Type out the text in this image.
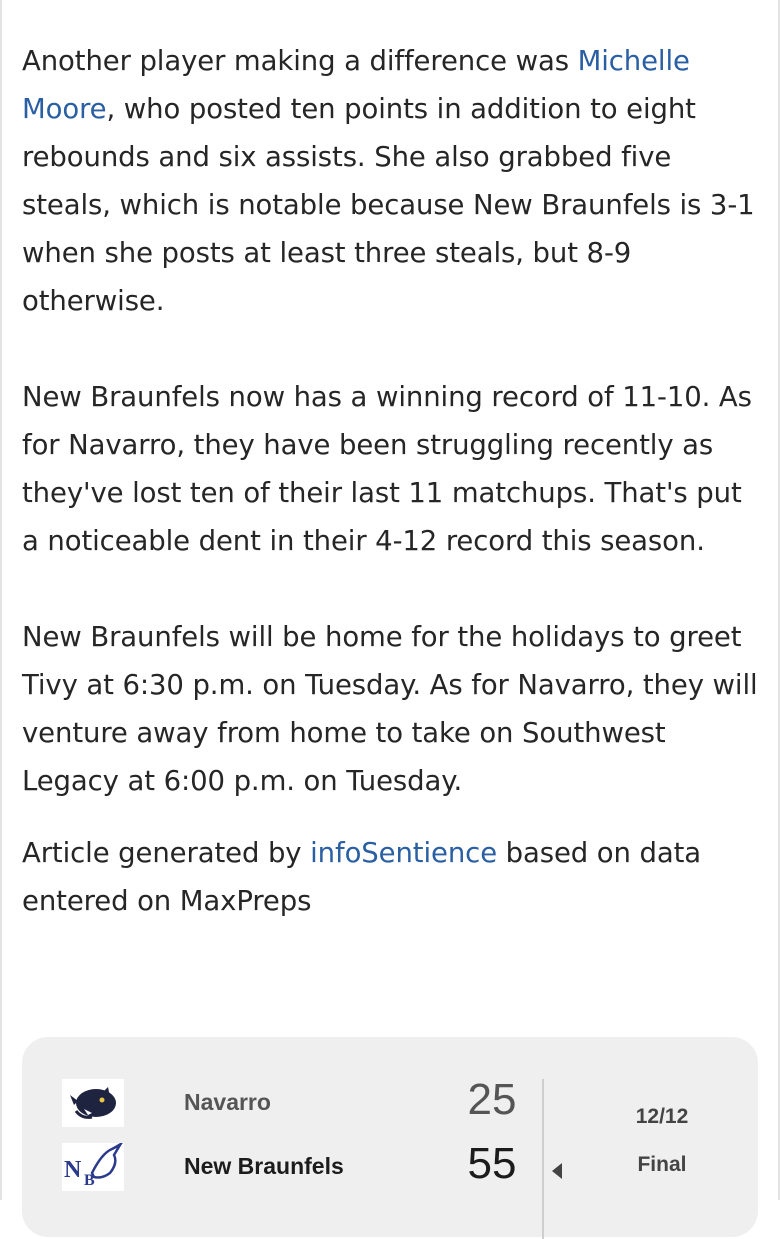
Another player making a difference was Michelle Moore, who posted ten points in addition to eight rebounds and six assists. She also grabbed five steals, which is notable because New Braunfels is 3-1 when she posts at least three steals, but 8-9 otherwise.

New Braunfels now has a winning record of 11-10. As for Navarro, they have been struggling recently as they've lost ten of their last 11 matchups. That's put a noticeable dent in their 4-12 record this season.

New Braunfels will be home for the holidays to greet Tivy at 6:30 p.m. on Tuesday. As for Navarro, they will venture away from home to take on Southwest Legacy at 6:00 p.m. on Tuesday.

Article generated by infoSentience based on data entered on MaxPreps

Navarro	25
N B
New Braunfels	55
12/12
Final
